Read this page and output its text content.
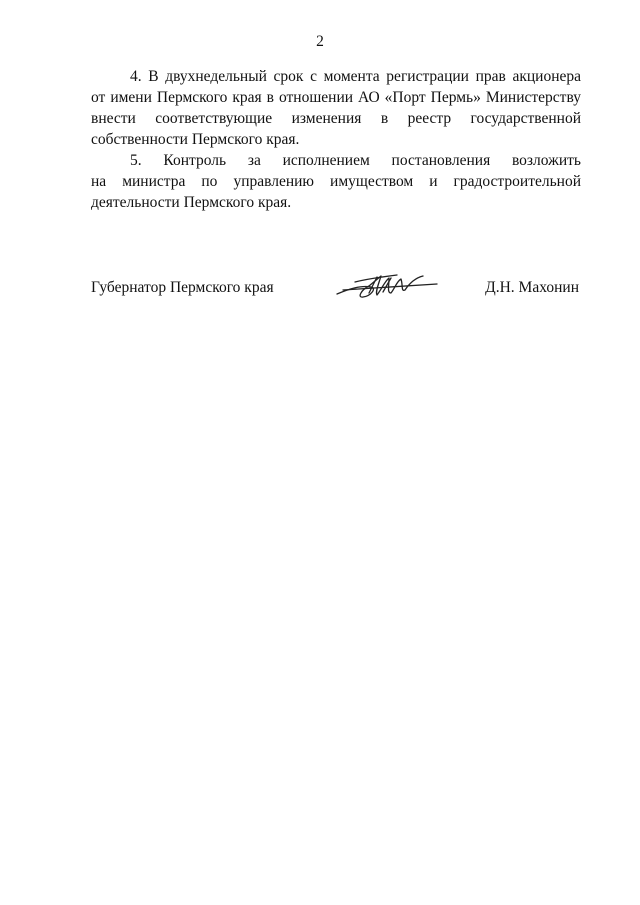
2
4. В двухнедельный срок с момента регистрации прав акционера
от имени Пермского края в отношении АО «Порт Пермь» Министерству
внести соответствующие изменения в реестр государственной
собственности Пермского края.
5. Контроль за исполнением постановления возложить
на министра по управлению имуществом и градостроительной
деятельности Пермского края.
Губернатор Пермского края	Д.Н. Махонин
